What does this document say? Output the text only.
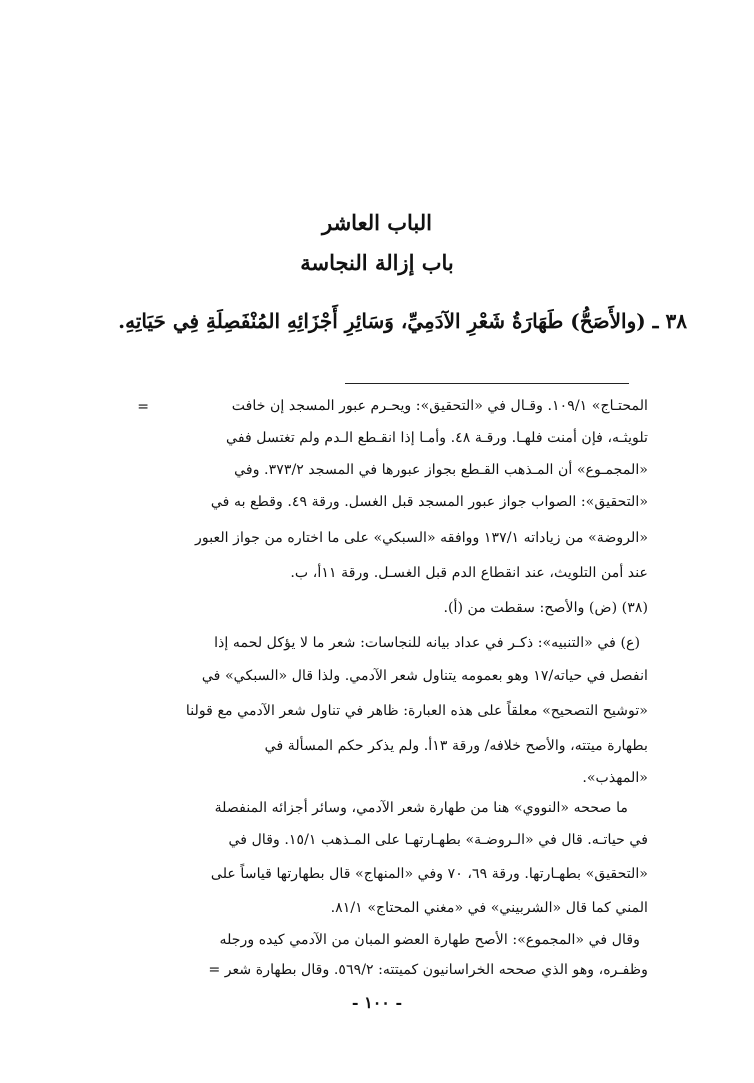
الباب العاشر
باب إزالة النجاسة
٣٨ ـ (والأَصَحُّ) طَهَارَةُ شَعْرِ الآدَمِيِّ، وَسَائِرِ أَجْزَائِهِ المُنْفَصِلَةِ فِي حَيَاتِهِ.
=	المحتـاج» ١٠٩/١. وقـال في «التحقيق»: ويحـرم عبور المسجد إن خافت
تلويثـه، فإن أمنت فلهـا. ورقـة ٤٨. وأمـا إذا انقـطع الـدم ولم تغتسل ففي
«المجمـوع» أن المـذهب القـطع بجواز عبورها في المسجد ٣٧٣/٢. وفي
«التحقيق»: الصواب جواز عبور المسجد قبل الغسل. ورقة ٤٩. وقطع به في
«الروضة» من زياداته ١٣٧/١ ووافقه «السبكي» على ما اختاره من جواز العبور
عند أمن التلويث، عند انقطاع الدم قبل الغسـل. ورقة ١١أ، ب.
(٣٨) (ض) والأصح: سقطت من (أ).
(ع) في «التنبيه»: ذكـر في عداد بيانه للنجاسات: شعر ما لا يؤكل لحمه إذا
انفصل في حياته/١٧ وهو بعمومه يتناول شعر الآدمي. ولذا قال «السبكي» في
«توشيح التصحيح» معلقاً على هذه العبارة: ظاهر في تناول شعر الآدمي مع قولنا
بطهارة ميتته، والأصح خلافه/ ورقة ١٣أ. ولم يذكر حكم المسألة في
«المهذب».
ما صححه «النووي» هنا من طهارة شعر الآدمي، وسائر أجزائه المنفصلة
في حياتـه. قال في «الـروضـة» بطهـارتهـا على المـذهب ١٥/١. وقال في
«التحقيق» بطهـارتها. ورقة ٦٩، ٧٠ وفي «المنهاج» قال بطهارتها قياساً على
المني كما قال «الشربيني» في «مغني المحتاج» ٨١/١.
وقال في «المجموع»: الأصح طهارة العضو المبان من الآدمي كيده ورجله
وظفـره، وهو الذي صححه الخراسانيون كميتته: ٥٦٩/٢. وقال بطهارة شعر =
- ١٠٠ -
